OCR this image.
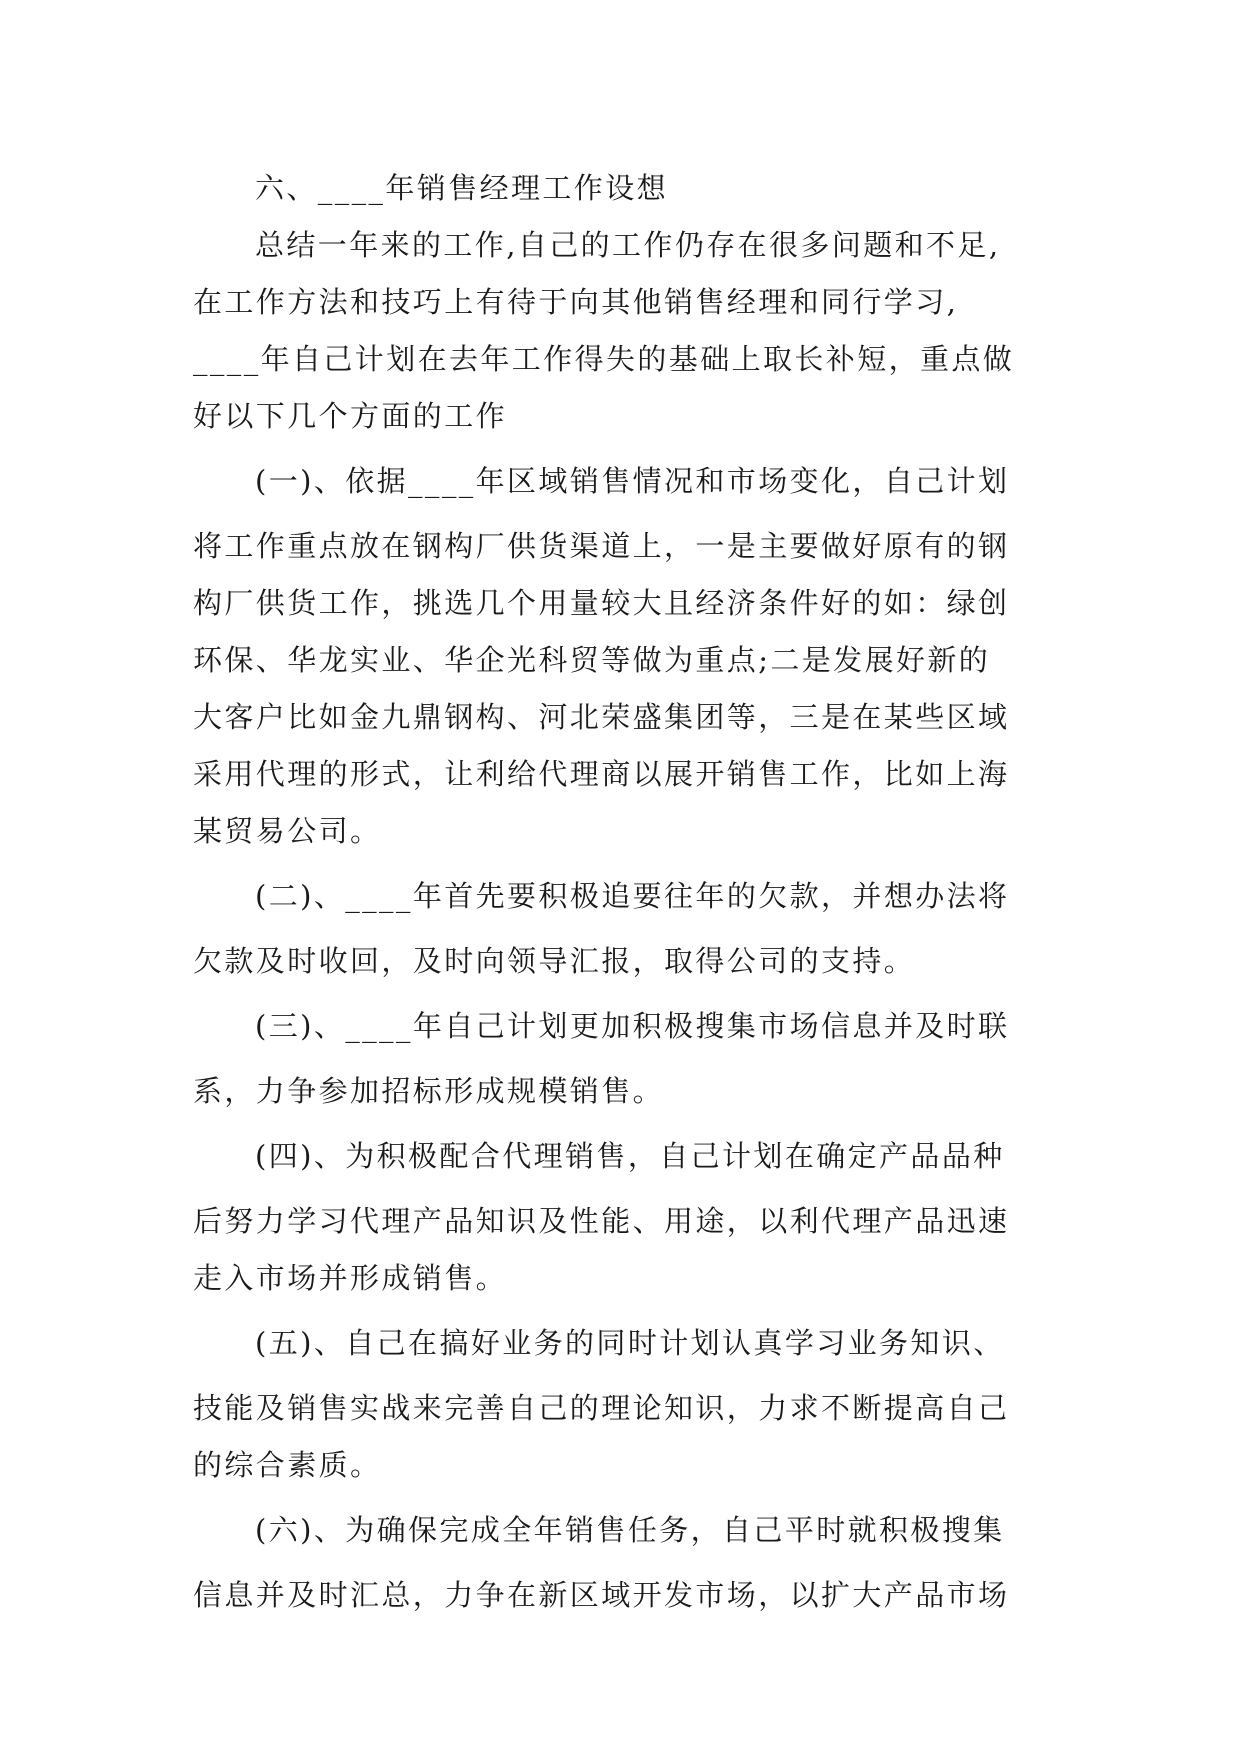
六、____年销售经理工作设想
总结一年来的工作,自己的工作仍存在很多问题和不足,
在工作方法和技巧上有待于向其他销售经理和同行学习,
____年自己计划在去年工作得失的基础上取长补短，重点做
好以下几个方面的工作
(一)、依据____年区域销售情况和市场变化，自己计划
将工作重点放在钢构厂供货渠道上，一是主要做好原有的钢
构厂供货工作，挑选几个用量较大且经济条件好的如：绿创
环保、华龙实业、华企光科贸等做为重点;二是发展好新的
大客户比如金九鼎钢构、河北荣盛集团等，三是在某些区域
采用代理的形式，让利给代理商以展开销售工作，比如上海
某贸易公司。
(二)、____年首先要积极追要往年的欠款，并想办法将
欠款及时收回，及时向领导汇报，取得公司的支持。
(三)、____年自己计划更加积极搜集市场信息并及时联
系，力争参加招标形成规模销售。
(四)、为积极配合代理销售，自己计划在确定产品品种
后努力学习代理产品知识及性能、用途，以利代理产品迅速
走入市场并形成销售。
(五)、自己在搞好业务的同时计划认真学习业务知识、
技能及销售实战来完善自己的理论知识，力求不断提高自己
的综合素质。
(六)、为确保完成全年销售任务，自己平时就积极搜集
信息并及时汇总，力争在新区域开发市场，以扩大产品市场
